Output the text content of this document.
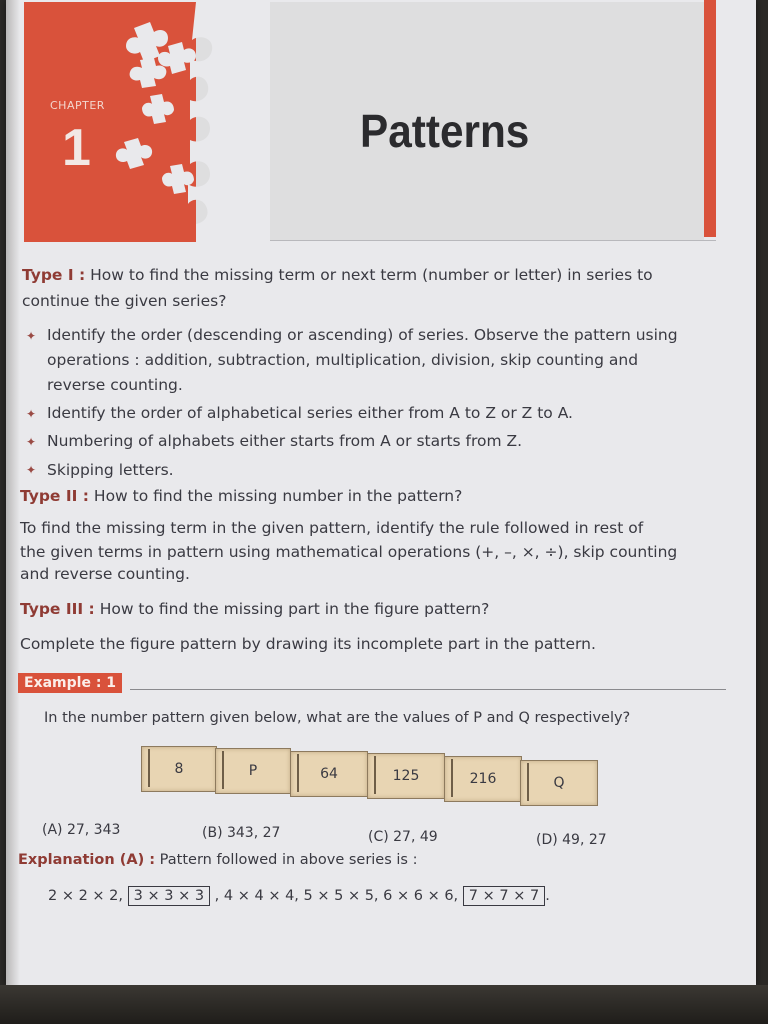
CHAPTER
1	Patterns
Type I : How to find the missing term or next term (number or letter) in series to
continue the given series?
✦ Identify the order (descending or ascending) of series. Observe the pattern using
operations : addition, subtraction, multiplication, division, skip counting and
reverse counting.
✦ Identify the order of alphabetical series either from A to Z or Z to A.
✦ Numbering of alphabets either starts from A or starts from Z.
✦ Skipping letters.
Type II : How to find the missing number in the pattern?
To find the missing term in the given pattern, identify the rule followed in rest of
the given terms in pattern using mathematical operations (+, –, ×, ÷), skip counting
and reverse counting.
Type III : How to find the missing part in the figure pattern?
Complete the figure pattern by drawing its incomplete part in the pattern.
Example : 1
In the number pattern given below, what are the values of P and Q respectively?
8	P	64	125	216	Q
(A) 27, 343	(B) 343, 27	(C) 27, 49	(D) 49, 27
Explanation (A) : Pattern followed in above series is :
2 × 2 × 2, 3 × 3 × 3 , 4 × 4 × 4, 5 × 5 × 5, 6 × 6 × 6, 7 × 7 × 7 .
